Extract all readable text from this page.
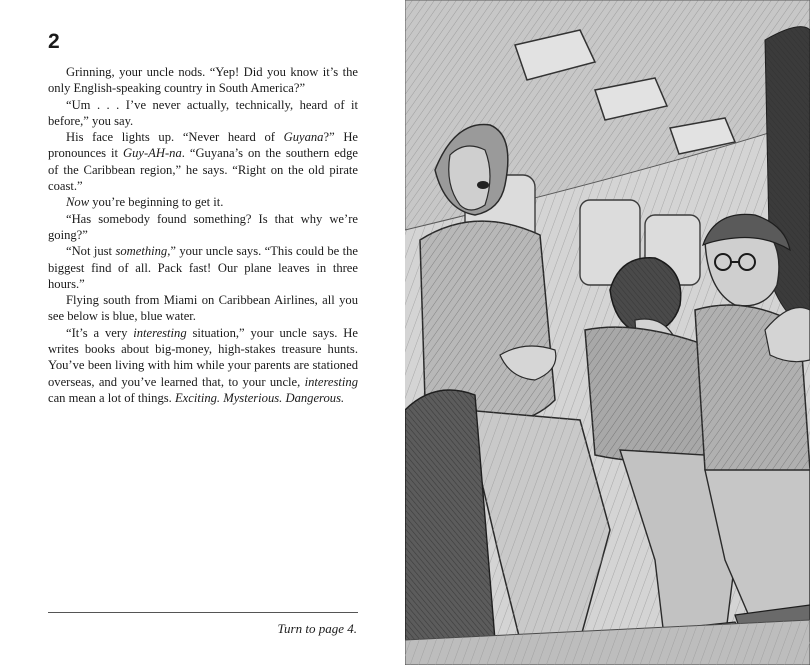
2

Grinning, your uncle nods. “Yep! Did you know it’s the only English-speaking country in South America?”

“Um . . . I’ve never actually, technically, heard of it before,” you say.

His face lights up. “Never heard of Guyana?” He pronounces it Guy-AH-na. “Guyana’s on the southern edge of the Caribbean region,” he says. “Right on the old pirate coast.”

Now you’re beginning to get it.

“Has somebody found something? Is that why we’re going?”

“Not just something,” your uncle says. “This could be the biggest find of all. Pack fast! Our plane leaves in three hours.”

Flying south from Miami on Caribbean Airlines, all you see below is blue, blue water.

“It’s a very interesting situation,” your uncle says. He writes books about big-money, high-stakes treasure hunts. You’ve been living with him while your parents are stationed overseas, and you’ve learned that, to your uncle, interesting can mean a lot of things. Exciting. Mysterious. Dangerous.

Turn to page 4.
